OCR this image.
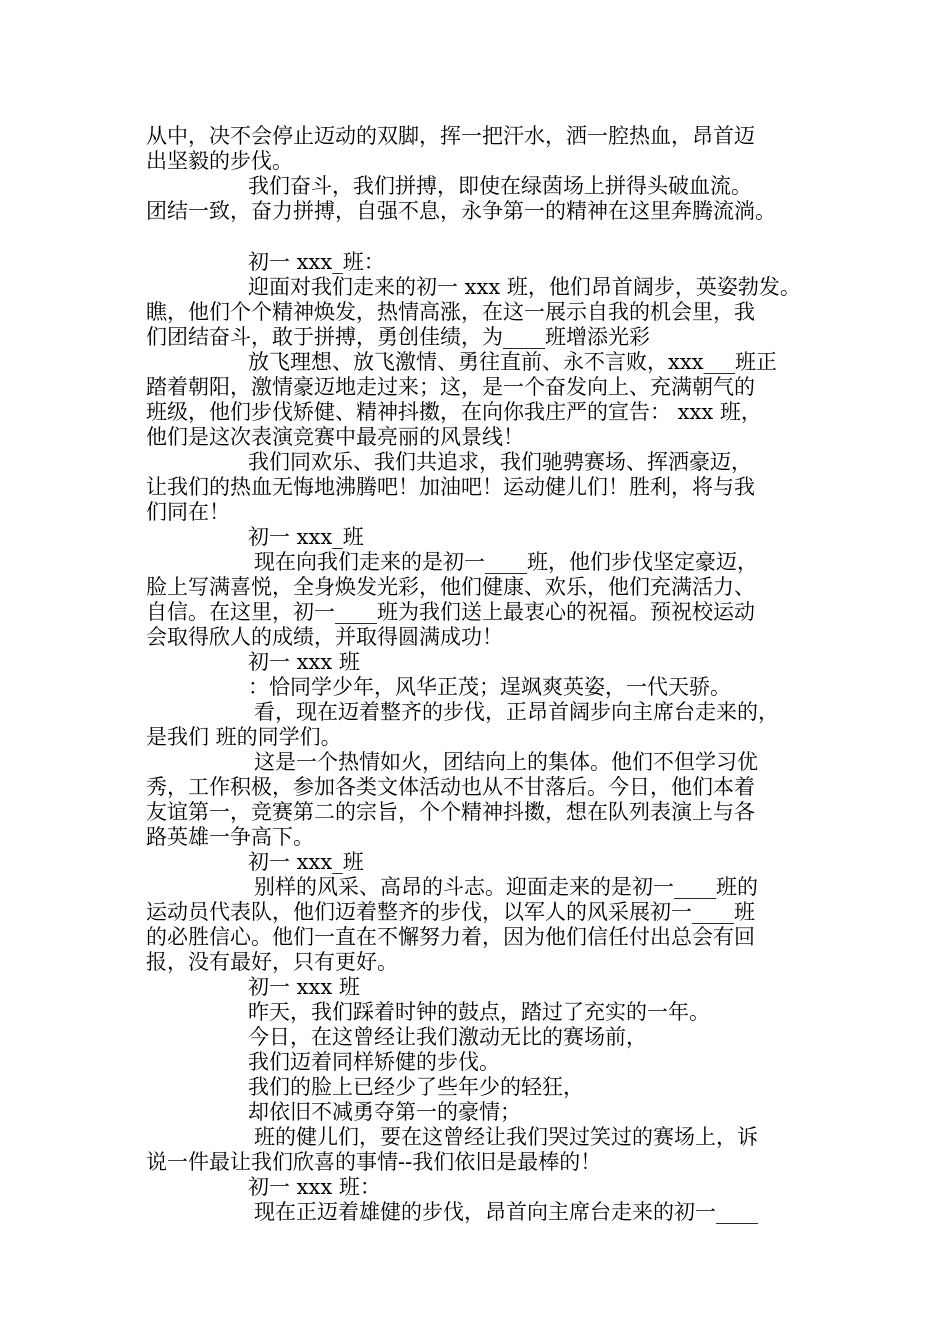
从中，决不会停止迈动的双脚，挥一把汗水，洒一腔热血，昂首迈
出坚毅的步伐。
我们奋斗，我们拼搏，即使在绿茵场上拼得头破血流。
团结一致，奋力拼搏，自强不息，永争第一的精神在这里奔腾流淌。
初一 xxx_班：
迎面对我们走来的初一 xxx 班，他们昂首阔步，英姿勃发。
瞧，他们个个精神焕发，热情高涨，在这一展示自我的机会里，我
们团结奋斗，敢于拼搏，勇创佳绩，为____班增添光彩
放飞理想、放飞激情、勇往直前、永不言败，xxx___班正
踏着朝阳，激情豪迈地走过来；这，是一个奋发向上、充满朝气的
班级，他们步伐矫健、精神抖擞，在向你我庄严的宣告： xxx 班，
他们是这次表演竞赛中最亮丽的风景线！
我们同欢乐、我们共追求，我们驰骋赛场、挥洒豪迈，
让我们的热血无悔地沸腾吧！加油吧！运动健儿们！胜利，将与我
们同在！
初一 xxx_班
现在向我们走来的是初一____班，他们步伐坚定豪迈，
脸上写满喜悦，全身焕发光彩，他们健康、欢乐，他们充满活力、
自信。在这里，初一____班为我们送上最衷心的祝福。预祝校运动
会取得欣人的成绩，并取得圆满成功！
初一 xxx 班
：恰同学少年，风华正茂；逞飒爽英姿，一代天骄。
看，现在迈着整齐的步伐，正昂首阔步向主席台走来的，
是我们 班的同学们。
这是一个热情如火，团结向上的集体。他们不但学习优
秀，工作积极，参加各类文体活动也从不甘落后。今日，他们本着
友谊第一，竞赛第二的宗旨，个个精神抖擞，想在队列表演上与各
路英雄一争高下。
初一 xxx_班
别样的风采、高昂的斗志。迎面走来的是初一____班的
运动员代表队，他们迈着整齐的步伐，以军人的风采展初一____班
的必胜信心。他们一直在不懈努力着，因为他们信任付出总会有回
报，没有最好，只有更好。
初一 xxx 班
昨天，我们踩着时钟的鼓点，踏过了充实的一年。
今日，在这曾经让我们激动无比的赛场前，
我们迈着同样矫健的步伐。
我们的脸上已经少了些年少的轻狂，
却依旧不减勇夺第一的豪情；
班的健儿们，要在这曾经让我们哭过笑过的赛场上，诉
说一件最让我们欣喜的事情--我们依旧是最棒的！
初一 xxx 班：
现在正迈着雄健的步伐，昂首向主席台走来的初一____
